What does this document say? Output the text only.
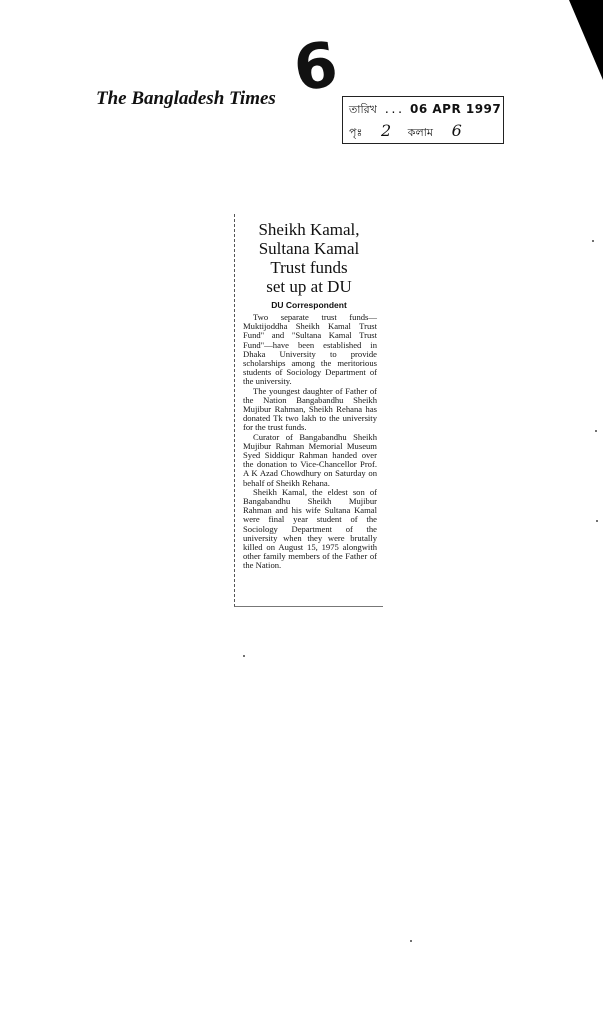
The Bangladesh Times 6
তারিখ ... 06 APR 1997
পৃঃ 2 কলাম 6
Sheikh Kamal,
Sultana Kamal
Trust funds
set up at DU
DU Correspondent

Two separate trust funds— Muktijoddha Sheikh Kamal Trust Fund" and "Sultana Kamal Trust Fund"—have been established in Dhaka University to provide scholarships among the meritorious students of Sociology Department of the university.

The youngest daughter of Father of the Nation Bangabandhu Sheikh Mujibur Rahman, Sheikh Rehana has donated Tk two lakh to the university for the trust funds.

Curator of Bangabandhu Sheikh Mujibur Rahman Memorial Museum Syed Siddiqur Rahman handed over the donation to Vice-Chancellor Prof. A K Azad Chowdhury on Saturday on behalf of Sheikh Rehana.

Sheikh Kamal, the eldest son of Bangabandhu Sheikh Mujibur Rahman and his wife Sultana Kamal were final year student of the Sociology Department of the university when they were brutally killed on August 15, 1975 alongwith other family members of the Father of the Nation.
